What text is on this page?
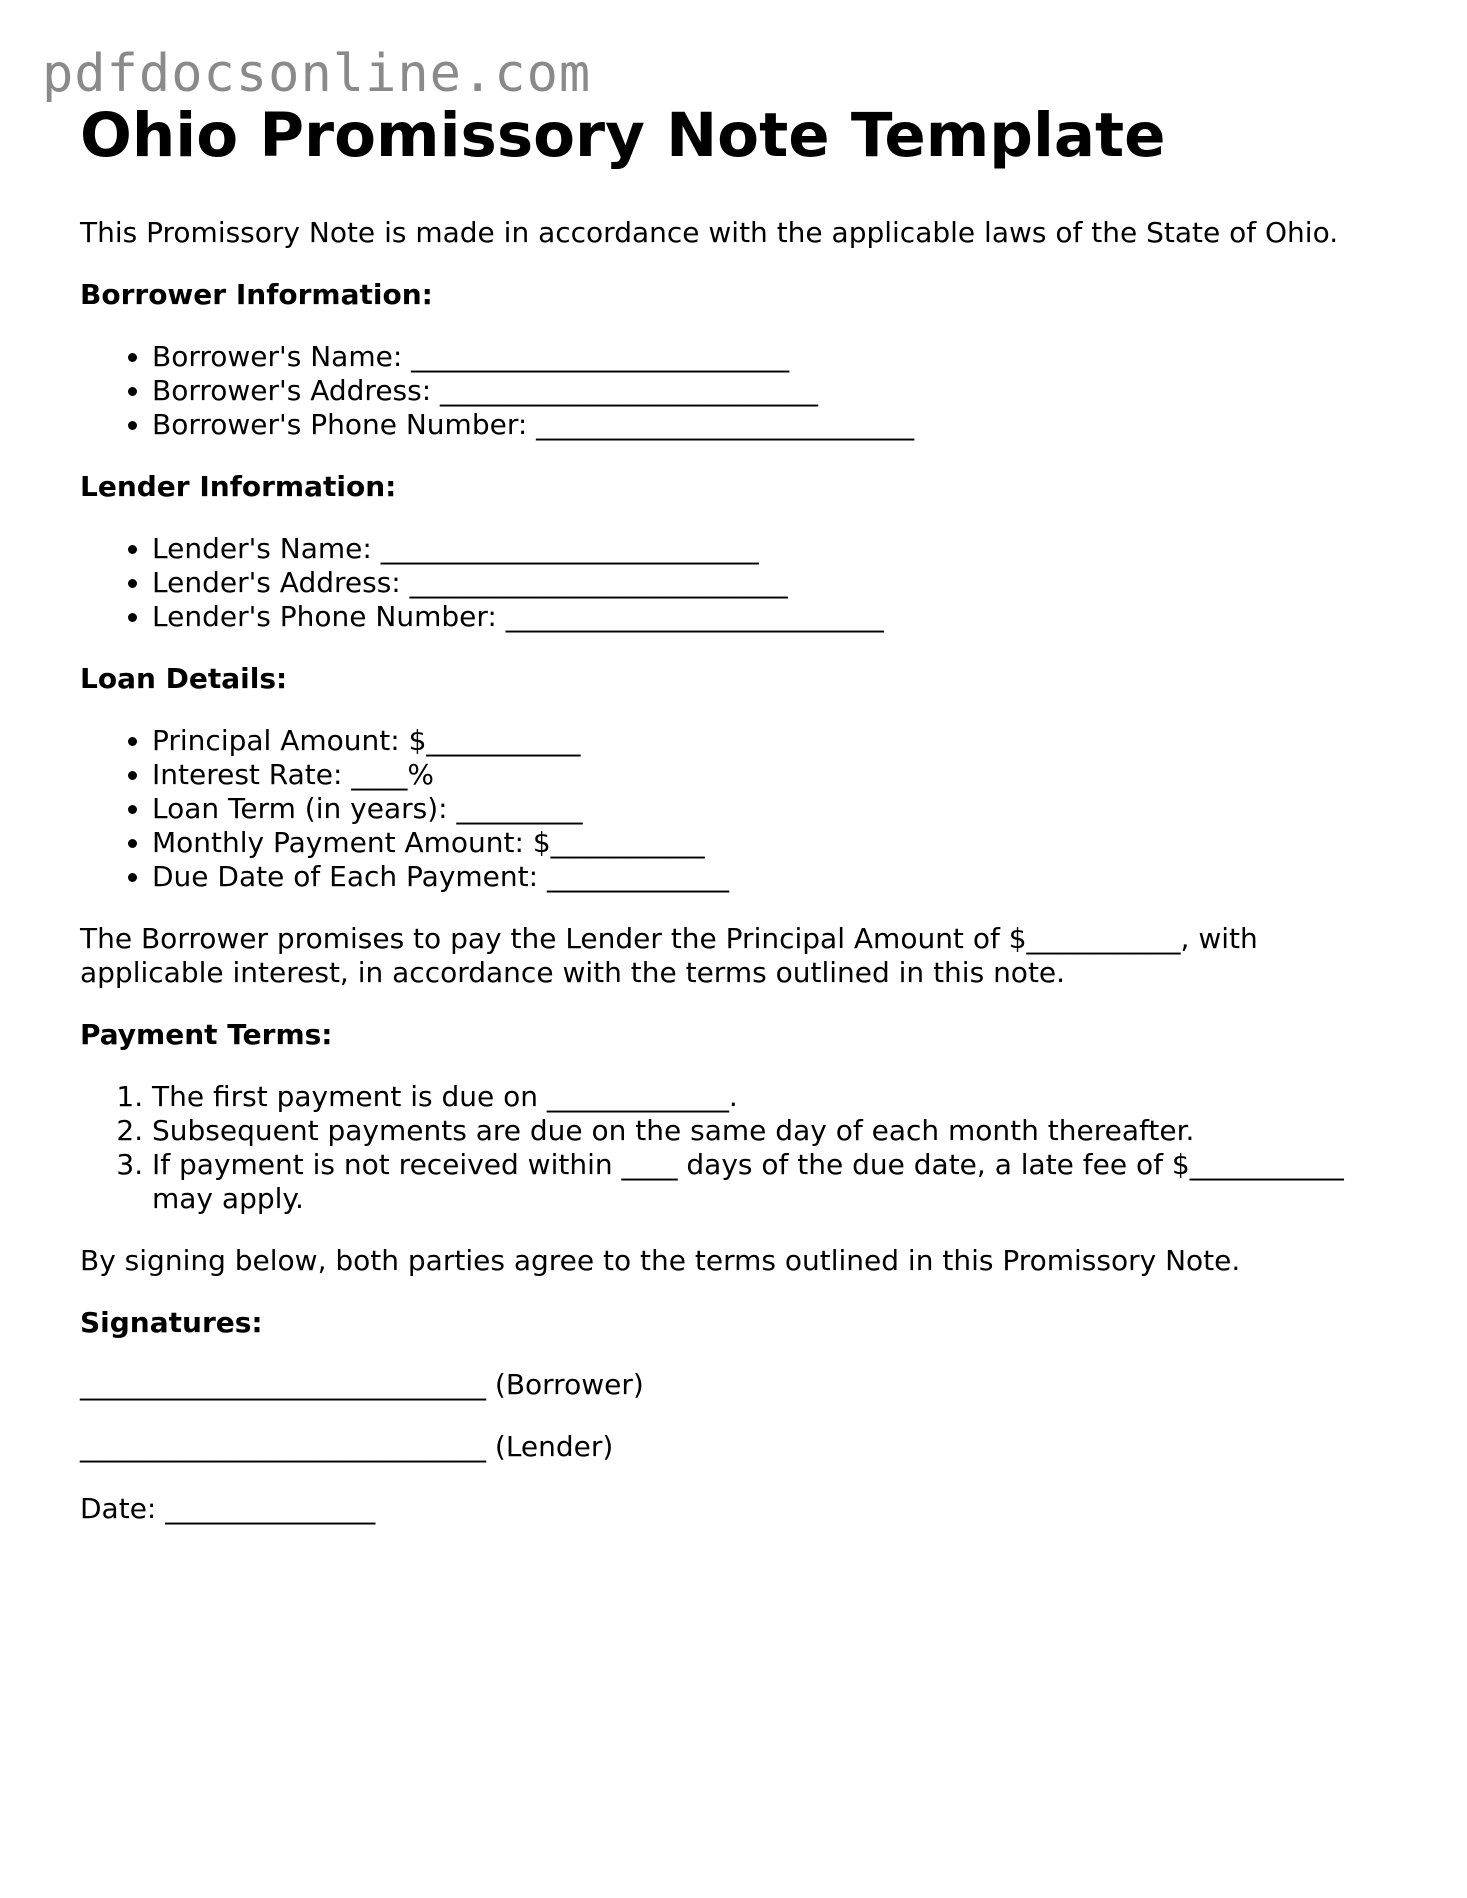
pdfdocsonline.com
Ohio Promissory Note Template

This Promissory Note is made in accordance with the applicable laws of the State of Ohio.

Borrower Information:

• Borrower's Name: ___________________________
• Borrower's Address: ___________________________
• Borrower's Phone Number: ___________________________

Lender Information:

• Lender's Name: ___________________________
• Lender's Address: ___________________________
• Lender's Phone Number: ___________________________

Loan Details:

• Principal Amount: $___________
• Interest Rate: ____%
• Loan Term (in years): _________
• Monthly Payment Amount: $___________
• Due Date of Each Payment: _____________

The Borrower promises to pay the Lender the Principal Amount of $___________, with applicable interest, in accordance with the terms outlined in this note.

Payment Terms:

1. The first payment is due on _____________.
2. Subsequent payments are due on the same day of each month thereafter.
3. If payment is not received within ____ days of the due date, a late fee of $___________ may apply.

By signing below, both parties agree to the terms outlined in this Promissory Note.

Signatures:

_____________________________ (Borrower)

_____________________________ (Lender)

Date: _______________
